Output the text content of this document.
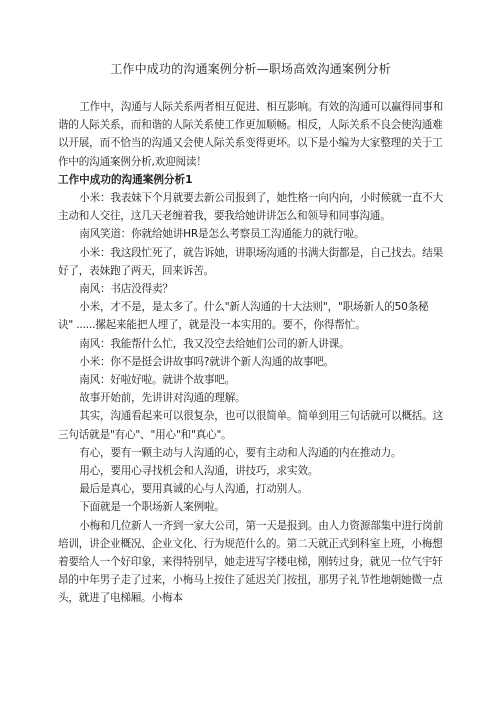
工作中成功的沟通案例分析—职场高效沟通案例分析

工作中，沟通与人际关系两者相互促进、相互影响。有效的沟通可以赢得同事和谐的人际关系，而和谐的人际关系使工作更加顺畅。相反，人际关系不良会使沟通难以开展，而不恰当的沟通又会使人际关系变得更坏。以下是小编为大家整理的关于工作中的沟通案例分析,欢迎阅读！

工作中成功的沟通案例分析1

小米：我表妹下个月就要去新公司报到了，她性格一向内向，小时候就一直不大主动和人交往，这几天老缠着我，要我给她讲讲怎么和领导和同事沟通。

南风笑道：你就给她讲HR是怎么考察员工沟通能力的就行啦。

小米：我这段忙死了，就告诉她，讲职场沟通的书满大街都是，自己找去。结果好了，表妹跑了两天，回来诉苦。

南风：书店没得卖？

小米，才不是，是太多了。什么"新人沟通的十大法则"，"职场新人的50条秘诀" ......摞起来能把人埋了，就是没一本实用的。要不，你得帮忙。

南风：我能帮什么忙，我又没空去给她们公司的新人讲课。

小米：你不是挺会讲故事吗?就讲个新人沟通的故事吧。

南风：好啦好啦。就讲个故事吧。

故事开始前，先讲讲对沟通的理解。

其实，沟通看起来可以很复杂，也可以很简单。简单到用三句话就可以概括。这三句话就是"有心"、"用心"和"真心"。

有心，要有一颗主动与人沟通的心，要有主动和人沟通的内在推动力。

用心，要用心寻找机会和人沟通，讲技巧，求实效。

最后是真心，要用真诚的心与人沟通，打动别人。

下面就是一个职场新人案例啦。

小梅和几位新人一齐到一家大公司，第一天是报到。由人力资源部集中进行岗前培训，讲企业概况、企业文化、行为规范什么的。第二天就正式到科室上班，小梅想着要给人一个好印象，来得特别早，她走进写字楼电梯，刚转过身，就见一位气宇轩昂的中年男子走了过来，小梅马上按住了延迟关门按扭，那男子礼节性地朝她微一点头，就进了电梯厢。小梅本
